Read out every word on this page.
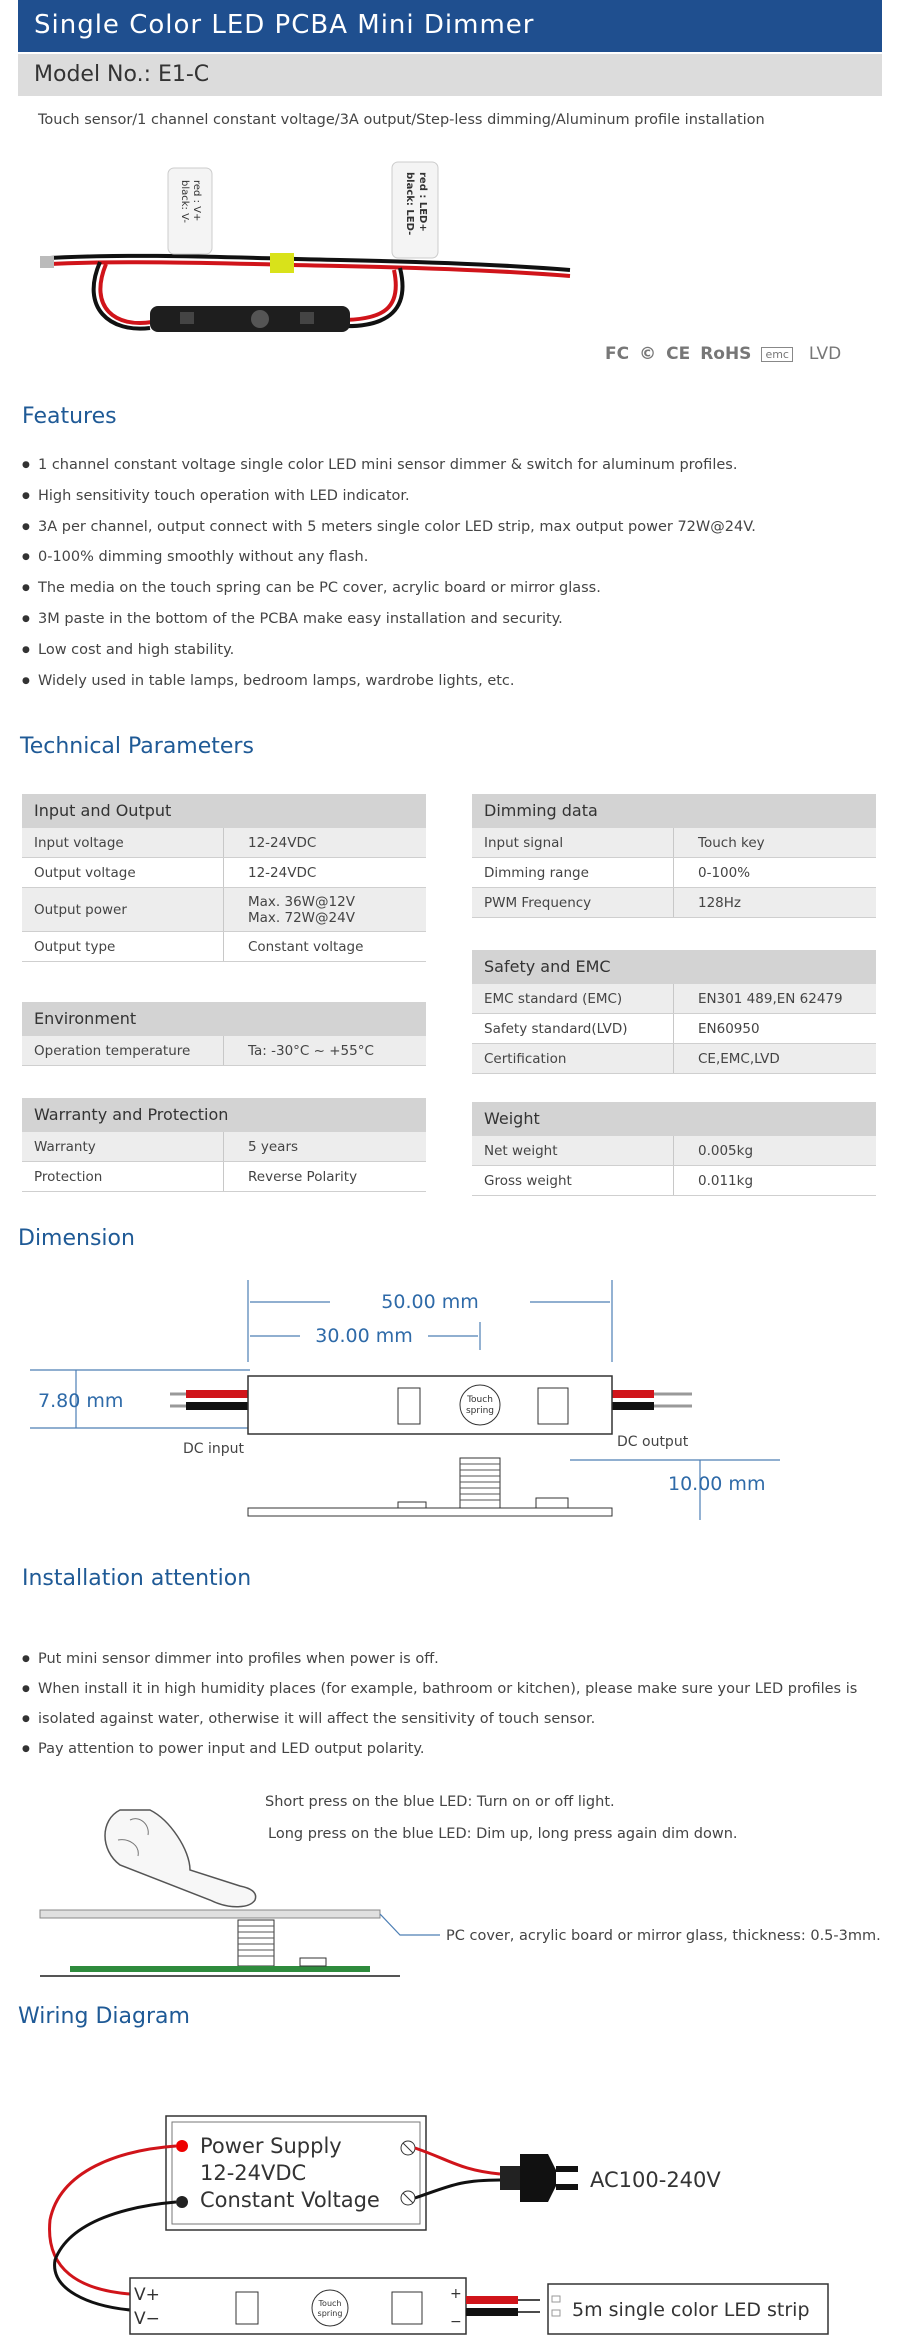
Single Color LED PCBA Mini Dimmer
Model No.: E1-C
Touch sensor/1 channel constant voltage/3A output/Step-less dimming/Aluminum profile installation
red : V+
black: V-	red : LED+
black: LED-
FC © CE RoHS emc LVD
Features
● 1 channel constant voltage single color LED mini sensor dimmer & switch for aluminum profiles.
● High sensitivity touch operation with LED indicator.
● 3A per channel, output connect with 5 meters single color LED strip, max output power 72W@24V.
● 0-100% dimming smoothly without any flash.
● The media on the touch spring can be PC cover, acrylic board or mirror glass.
● 3M paste in the bottom of the PCBA make easy installation and security.
● Low cost and high stability.
● Widely used in table lamps, bedroom lamps, wardrobe lights, etc.
Technical Parameters
Input and Output
Input voltage	12-24VDC
Output voltage	12-24VDC
Output power	Max. 36W@12V
Max. 72W@24V
Output type	Constant voltage
Environment
Operation temperature	Ta: -30°C ~ +55°C
Warranty and Protection
Warranty	5 years
Protection	Reverse Polarity
Dimming data
Input signal	Touch key
Dimming range	0-100%
PWM Frequency	128Hz
Safety and EMC
EMC standard (EMC)	EN301 489,EN 62479
Safety standard(LVD)	EN60950
Certification	CE,EMC,LVD
Weight
Net weight	0.005kg
Gross weight	0.011kg
Dimension
50.00 mm
30.00 mm
7.80 mm
10.00 mm
Touch
spring
DC input	DC output
Installation attention
● Put mini sensor dimmer into profiles when power is off.
● When install it in high humidity places (for example, bathroom or kitchen), please make sure your LED profiles is
● isolated against water, otherwise it will affect the sensitivity of touch sensor.
● Pay attention to power input and LED output polarity.
Short press on the blue LED: Turn on or off light.
Long press on the blue LED: Dim up, long press again dim down.
PC cover, acrylic board or mirror glass, thickness: 0.5-3mm.
Wiring Diagram
Power Supply
12-24VDC
Constant Voltage
AC100-240V
V+
V−
Touch
spring
+
−
5m single color LED strip
